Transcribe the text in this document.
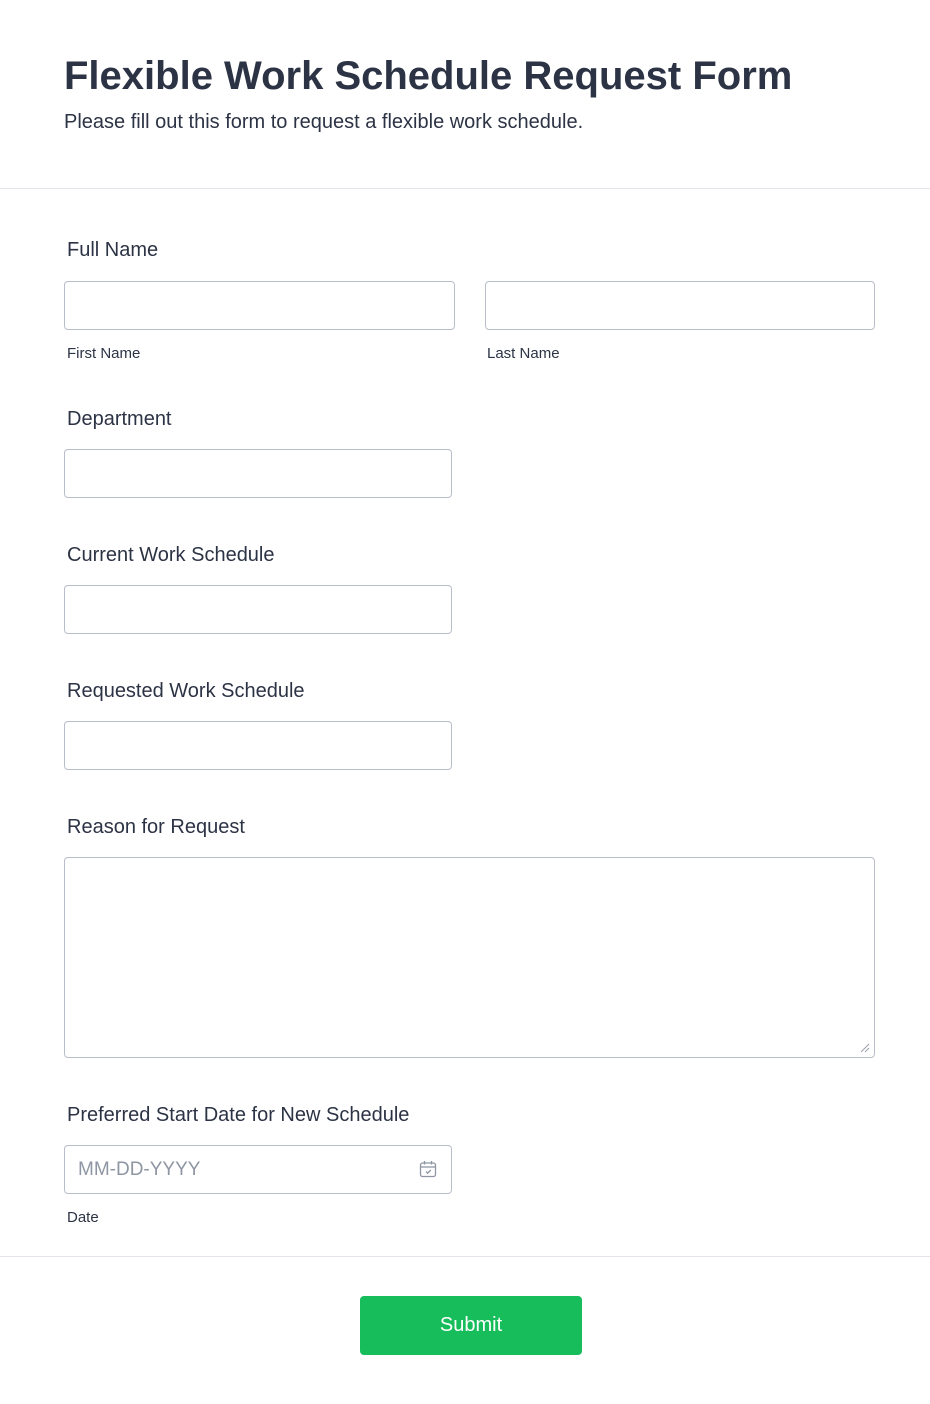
Flexible Work Schedule Request Form

Please fill out this form to request a flexible work schedule.

Full Name
First Name	Last Name
Department
Current Work Schedule
Requested Work Schedule
Reason for Request
Preferred Start Date for New Schedule
MM-DD-YYYY
Date
Submit
